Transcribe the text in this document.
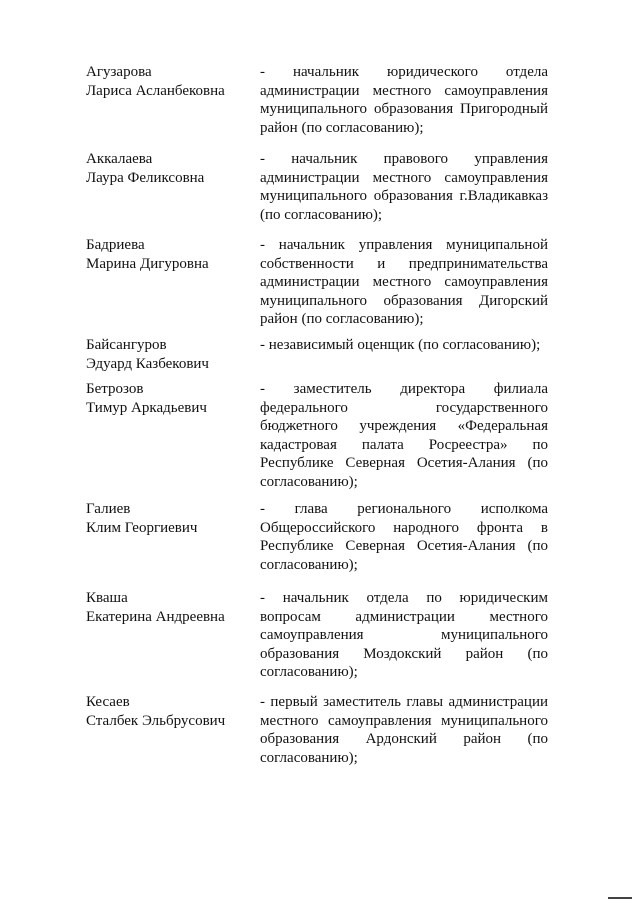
Агузарова
Лариса Асланбековна
- начальник юридического отдела
администрации местного самоуправления
муниципального образования Пригородный
район (по согласованию);
Аккалаева
Лаура Феликсовна
- начальник правового управления
администрации местного самоуправления
муниципального образования г.Владикавказ
(по согласованию);
Бадриева
Марина Дигуровна
- начальник управления муниципальной
собственности и предпринимательства
администрации местного самоуправления
муниципального образования Дигорский
район (по согласованию);
Байсангуров
Эдуард Казбекович
- независимый оценщик (по согласованию);
Бетрозов
Тимур Аркадьевич
- заместитель директора филиала
федерального государственного
бюджетного учреждения «Федеральная
кадастровая палата Росреестра» по
Республике Северная Осетия-Алания (по
согласованию);
Галиев
Клим Георгиевич
- глава регионального исполкома
Общероссийского народного фронта в
Республике Северная Осетия-Алания (по
согласованию);
Кваша
Екатерина Андреевна
- начальник отдела по юридическим
вопросам администрации местного
самоуправления муниципального
образования Моздокский район (по
согласованию);
Кесаев
Сталбек Эльбрусович
- первый заместитель главы администрации
местного самоуправления муниципального
образования Ардонский район (по
согласованию);
